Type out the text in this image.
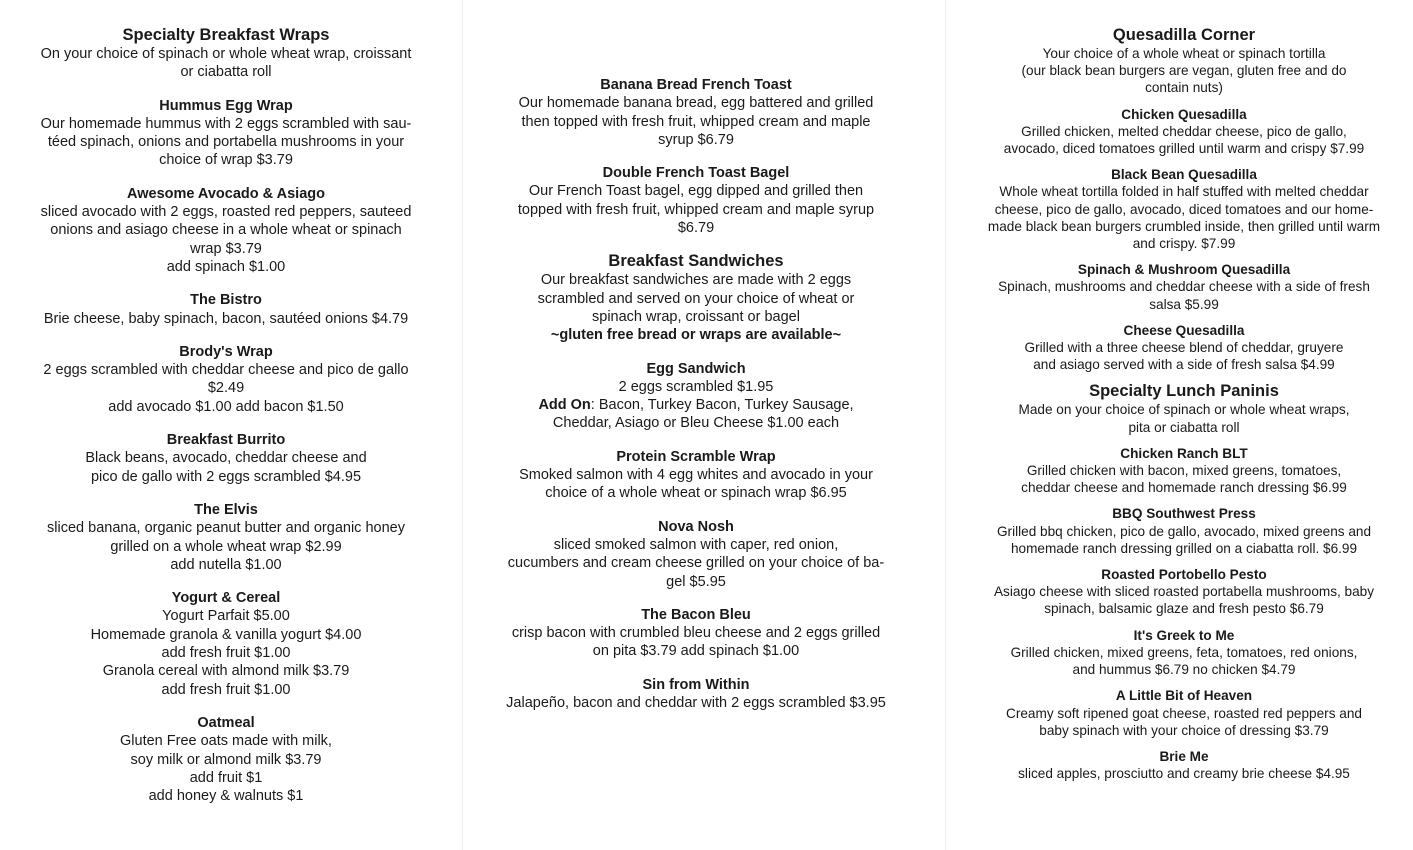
Specialty Breakfast Wraps

On your choice of spinach or whole wheat wrap, croissant
or ciabatta roll

Hummus Egg Wrap

Our homemade hummus with 2 eggs scrambled with sau-
téed spinach, onions and portabella mushrooms in your
choice of wrap $3.79

Awesome Avocado & Asiago

sliced avocado with 2 eggs, roasted red peppers, sauteed
onions and asiago cheese in a whole wheat or spinach
wrap $3.79
add spinach $1.00

The Bistro

Brie cheese, baby spinach, bacon, sautéed onions $4.79

Brody's Wrap

2 eggs scrambled with cheddar cheese and pico de gallo
$2.49
add avocado $1.00 add bacon $1.50

Breakfast Burrito

Black beans, avocado, cheddar cheese and
pico de gallo with 2 eggs scrambled $4.95

The Elvis

sliced banana, organic peanut butter and organic honey
grilled on a whole wheat wrap $2.99
add nutella $1.00

Yogurt & Cereal

Yogurt Parfait $5.00
Homemade granola & vanilla yogurt $4.00
add fresh fruit $1.00
Granola cereal with almond milk $3.79
add fresh fruit $1.00

Oatmeal

Gluten Free oats made with milk,
soy milk or almond milk $3.79
add fruit $1
add honey & walnuts $1

Banana Bread French Toast

Our homemade banana bread, egg battered and grilled
then topped with fresh fruit, whipped cream and maple
syrup $6.79

Double French Toast Bagel

Our French Toast bagel, egg dipped and grilled then
topped with fresh fruit, whipped cream and maple syrup
$6.79

Breakfast Sandwiches

Our breakfast sandwiches are made with 2 eggs
scrambled and served on your choice of wheat or
spinach wrap, croissant or bagel
~gluten free bread or wraps are available~

Egg Sandwich

2 eggs scrambled $1.95
Add On: Bacon, Turkey Bacon, Turkey Sausage,
Cheddar, Asiago or Bleu Cheese $1.00 each

Protein Scramble Wrap

Smoked salmon with 4 egg whites and avocado in your
choice of a whole wheat or spinach wrap $6.95

Nova Nosh

sliced smoked salmon with caper, red onion,
cucumbers and cream cheese grilled on your choice of ba-
gel $5.95

The Bacon Bleu

crisp bacon with crumbled bleu cheese and 2 eggs grilled
on pita $3.79 add spinach $1.00

Sin from Within

Jalapeño, bacon and cheddar with 2 eggs scrambled $3.95

Quesadilla Corner

Your choice of a whole wheat or spinach tortilla
(our black bean burgers are vegan, gluten free and do
contain nuts)

Chicken Quesadilla

Grilled chicken, melted cheddar cheese, pico de gallo,
avocado, diced tomatoes grilled until warm and crispy $7.99

Black Bean Quesadilla

Whole wheat tortilla folded in half stuffed with melted cheddar
cheese, pico de gallo, avocado, diced tomatoes and our home-
made black bean burgers crumbled inside, then grilled until warm
and crispy. $7.99

Spinach & Mushroom Quesadilla

Spinach, mushrooms and cheddar cheese with a side of fresh
salsa $5.99

Cheese Quesadilla

Grilled with a three cheese blend of cheddar, gruyere
and asiago served with a side of fresh salsa $4.99

Specialty Lunch Paninis

Made on your choice of spinach or whole wheat wraps,
pita or ciabatta roll

Chicken Ranch BLT

Grilled chicken with bacon, mixed greens, tomatoes,
cheddar cheese and homemade ranch dressing $6.99

BBQ Southwest Press

Grilled bbq chicken, pico de gallo, avocado, mixed greens and
homemade ranch dressing grilled on a ciabatta roll. $6.99

Roasted Portobello Pesto

Asiago cheese with sliced roasted portabella mushrooms, baby
spinach, balsamic glaze and fresh pesto $6.79

It's Greek to Me

Grilled chicken, mixed greens, feta, tomatoes, red onions,
and hummus $6.79 no chicken $4.79

A Little Bit of Heaven

Creamy soft ripened goat cheese, roasted red peppers and
baby spinach with your choice of dressing $3.79

Brie Me

sliced apples, prosciutto and creamy brie cheese $4.95
